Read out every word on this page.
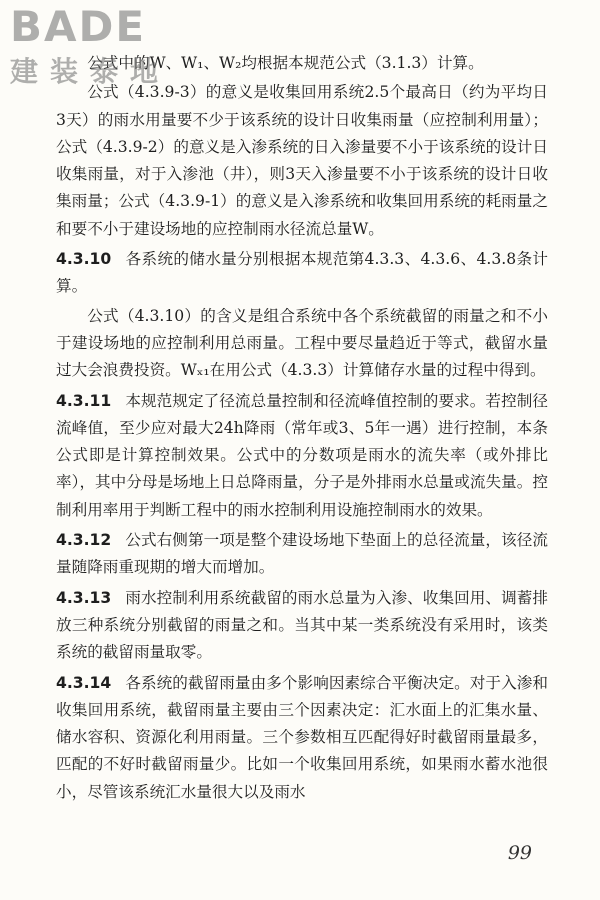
BADE
建装泰地

公式中的W、W₁、W₂均根据本规范公式（3.1.3）计算。

公式（4.3.9-3）的意义是收集回用系统2.5个最高日（约为平均日3天）的雨水用量要不少于该系统的设计日收集雨量（应控制利用量）；公式（4.3.9-2）的意义是入渗系统的日入渗量要不小于该系统的设计日收集雨量，对于入渗池（井），则3天入渗量要不小于该系统的设计日收集雨量；公式（4.3.9-1）的意义是入渗系统和收集回用系统的耗雨量之和要不小于建设场地的应控制雨水径流总量W。

4.3.10 各系统的储水量分别根据本规范第4.3.3、4.3.6、4.3.8条计算。

公式（4.3.10）的含义是组合系统中各个系统截留的雨量之和不小于建设场地的应控制利用总雨量。工程中要尽量趋近于等式，截留水量过大会浪费投资。Wₓ₁在用公式（4.3.3）计算储存水量的过程中得到。

4.3.11 本规范规定了径流总量控制和径流峰值控制的要求。若控制径流峰值，至少应对最大24h降雨（常年或3、5年一遇）进行控制，本条公式即是计算控制效果。公式中的分数项是雨水的流失率（或外排比率），其中分母是场地上日总降雨量，分子是外排雨水总量或流失量。控制利用率用于判断工程中的雨水控制利用设施控制雨水的效果。

4.3.12 公式右侧第一项是整个建设场地下垫面上的总径流量，该径流量随降雨重现期的增大而增加。

4.3.13 雨水控制利用系统截留的雨水总量为入渗、收集回用、调蓄排放三种系统分别截留的雨量之和。当其中某一类系统没有采用时，该类系统的截留雨量取零。

4.3.14 各系统的截留雨量由多个影响因素综合平衡决定。对于入渗和收集回用系统，截留雨量主要由三个因素决定：汇水面上的汇集水量、储水容积、资源化利用雨量。三个参数相互匹配得好时截留雨量最多，匹配的不好时截留雨量少。比如一个收集回用系统，如果雨水蓄水池很小，尽管该系统汇水量很大以及雨水

99
